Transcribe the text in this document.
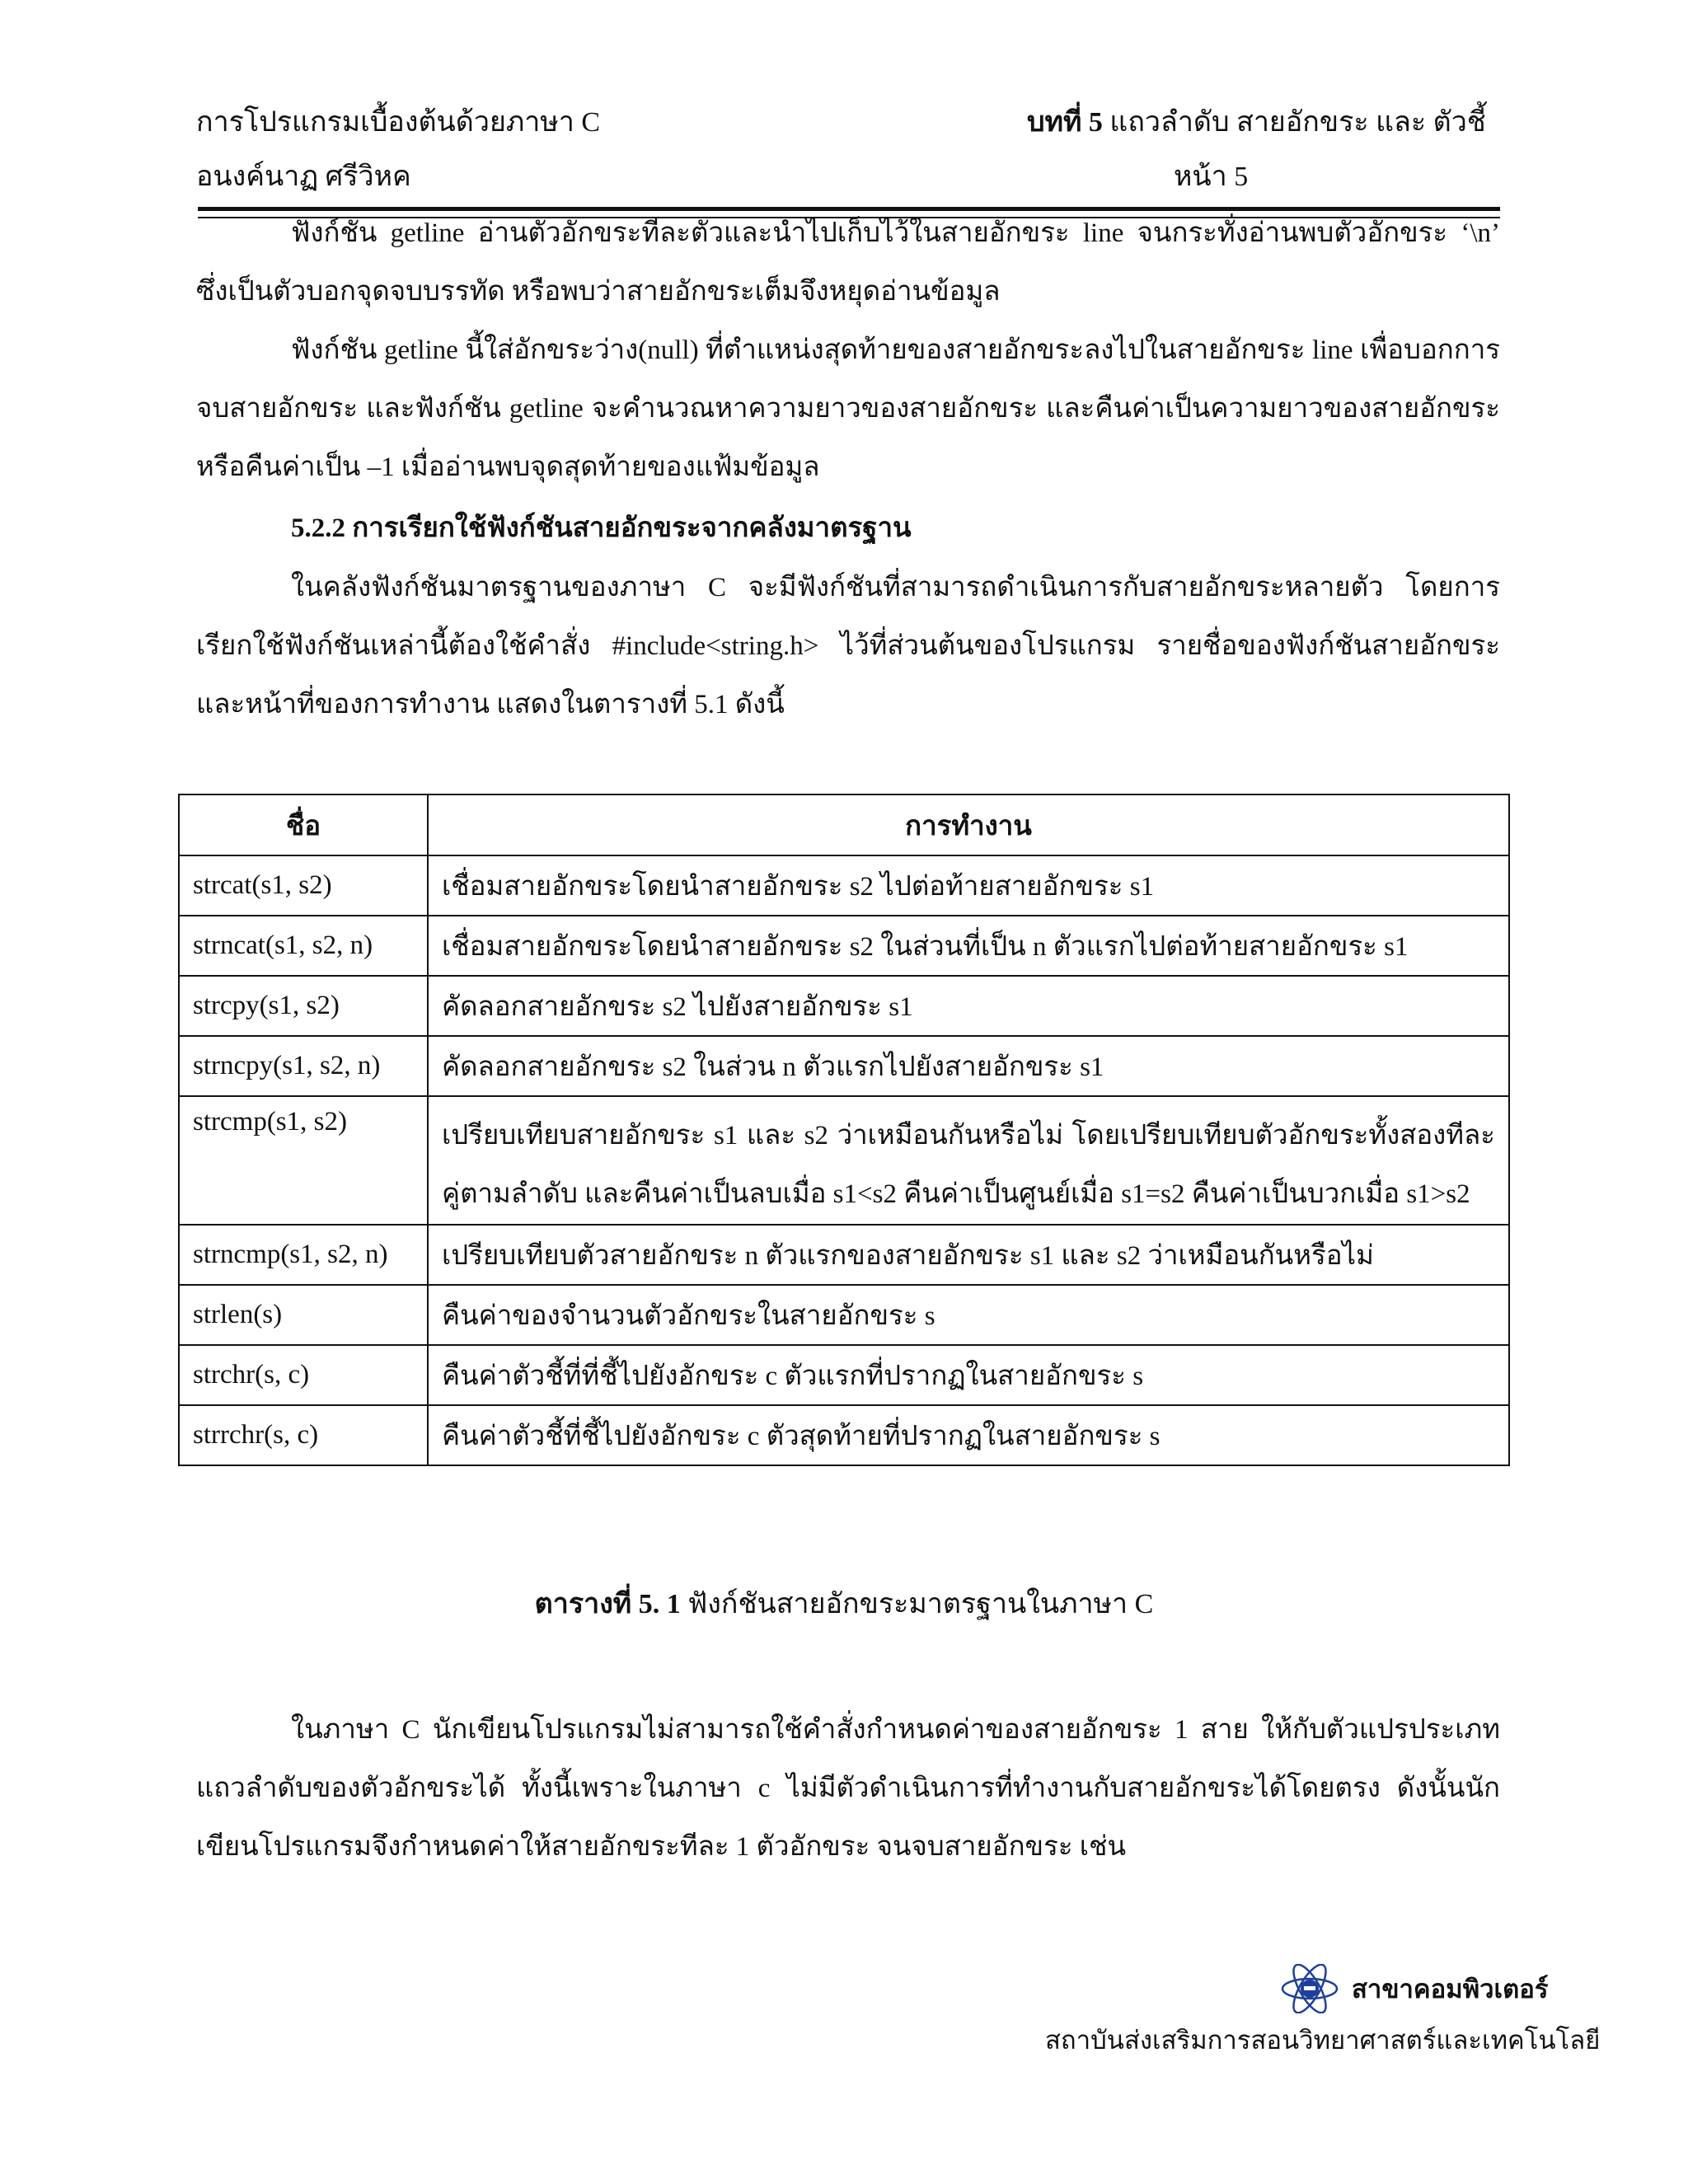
การโปรแกรมเบื้องต้นด้วยภาษา C	บทที่ 5 แถวลำดับ สายอักขระ และ ตัวชี้
อนงค์นาฏ ศรีวิหค	หน้า 5
ฟังก์ชัน getline อ่านตัวอักขระทีละตัวและนำไปเก็บไว้ในสายอักขระ line จนกระทั่งอ่านพบตัวอักขระ ‘\n’ ซึ่งเป็นตัวบอกจุดจบบรรทัด หรือพบว่าสายอักขระเต็มจึงหยุดอ่านข้อมูล
ฟังก์ชัน getline นี้ใส่อักขระว่าง(null) ที่ตำแหน่งสุดท้ายของสายอักขระลงไปในสายอักขระ line เพื่อบอกการจบสายอักขระ และฟังก์ชัน getline จะคำนวณหาความยาวของสายอักขระ และคืนค่าเป็นความยาวของสายอักขระ หรือคืนค่าเป็น –1 เมื่ออ่านพบจุดสุดท้ายของแฟ้มข้อมูล
5.2.2 การเรียกใช้ฟังก์ชันสายอักขระจากคลังมาตรฐาน
ในคลังฟังก์ชันมาตรฐานของภาษา C จะมีฟังก์ชันที่สามารถดำเนินการกับสายอักขระหลายตัว โดยการเรียกใช้ฟังก์ชันเหล่านี้ต้องใช้คำสั่ง #include<string.h> ไว้ที่ส่วนต้นของโปรแกรม รายชื่อของฟังก์ชันสายอักขระและหน้าที่ของการทำงาน แสดงในตารางที่ 5.1 ดังนี้
ชื่อ	การทำงาน
strcat(s1, s2)	เชื่อมสายอักขระโดยนำสายอักขระ s2 ไปต่อท้ายสายอักขระ s1
strncat(s1, s2, n)	เชื่อมสายอักขระโดยนำสายอักขระ s2 ในส่วนที่เป็น n ตัวแรกไปต่อท้ายสายอักขระ s1
strcpy(s1, s2)	คัดลอกสายอักขระ s2 ไปยังสายอักขระ s1
strncpy(s1, s2, n)	คัดลอกสายอักขระ s2 ในส่วน n ตัวแรกไปยังสายอักขระ s1
strcmp(s1, s2)	เปรียบเทียบสายอักขระ s1 และ s2 ว่าเหมือนกันหรือไม่ โดยเปรียบเทียบตัวอักขระทั้งสองทีละคู่ตามลำดับ และคืนค่าเป็นลบเมื่อ s1<s2 คืนค่าเป็นศูนย์เมื่อ s1=s2 คืนค่าเป็นบวกเมื่อ s1>s2
strncmp(s1, s2, n)	เปรียบเทียบตัวสายอักขระ n ตัวแรกของสายอักขระ s1 และ s2 ว่าเหมือนกันหรือไม่
strlen(s)	คืนค่าของจำนวนตัวอักขระในสายอักขระ s
strchr(s, c)	คืนค่าตัวชี้ที่ที่ชี้ไปยังอักขระ c ตัวแรกที่ปรากฏในสายอักขระ s
strrchr(s, c)	คืนค่าตัวชี้ที่ชี้ไปยังอักขระ c ตัวสุดท้ายที่ปรากฏในสายอักขระ s
ตารางที่ 5. 1 ฟังก์ชันสายอักขระมาตรฐานในภาษา C
ในภาษา C นักเขียนโปรแกรมไม่สามารถใช้คำสั่งกำหนดค่าของสายอักขระ 1 สาย ให้กับตัวแปรประเภทแถวลำดับของตัวอักขระได้ ทั้งนี้เพราะในภาษา c ไม่มีตัวดำเนินการที่ทำงานกับสายอักขระได้โดยตรง ดังนั้นนักเขียนโปรแกรมจึงกำหนดค่าให้สายอักขระทีละ 1 ตัวอักขระ จนจบสายอักขระ เช่น
สาขาคอมพิวเตอร์
สถาบันส่งเสริมการสอนวิทยาศาสตร์และเทคโนโลยี
